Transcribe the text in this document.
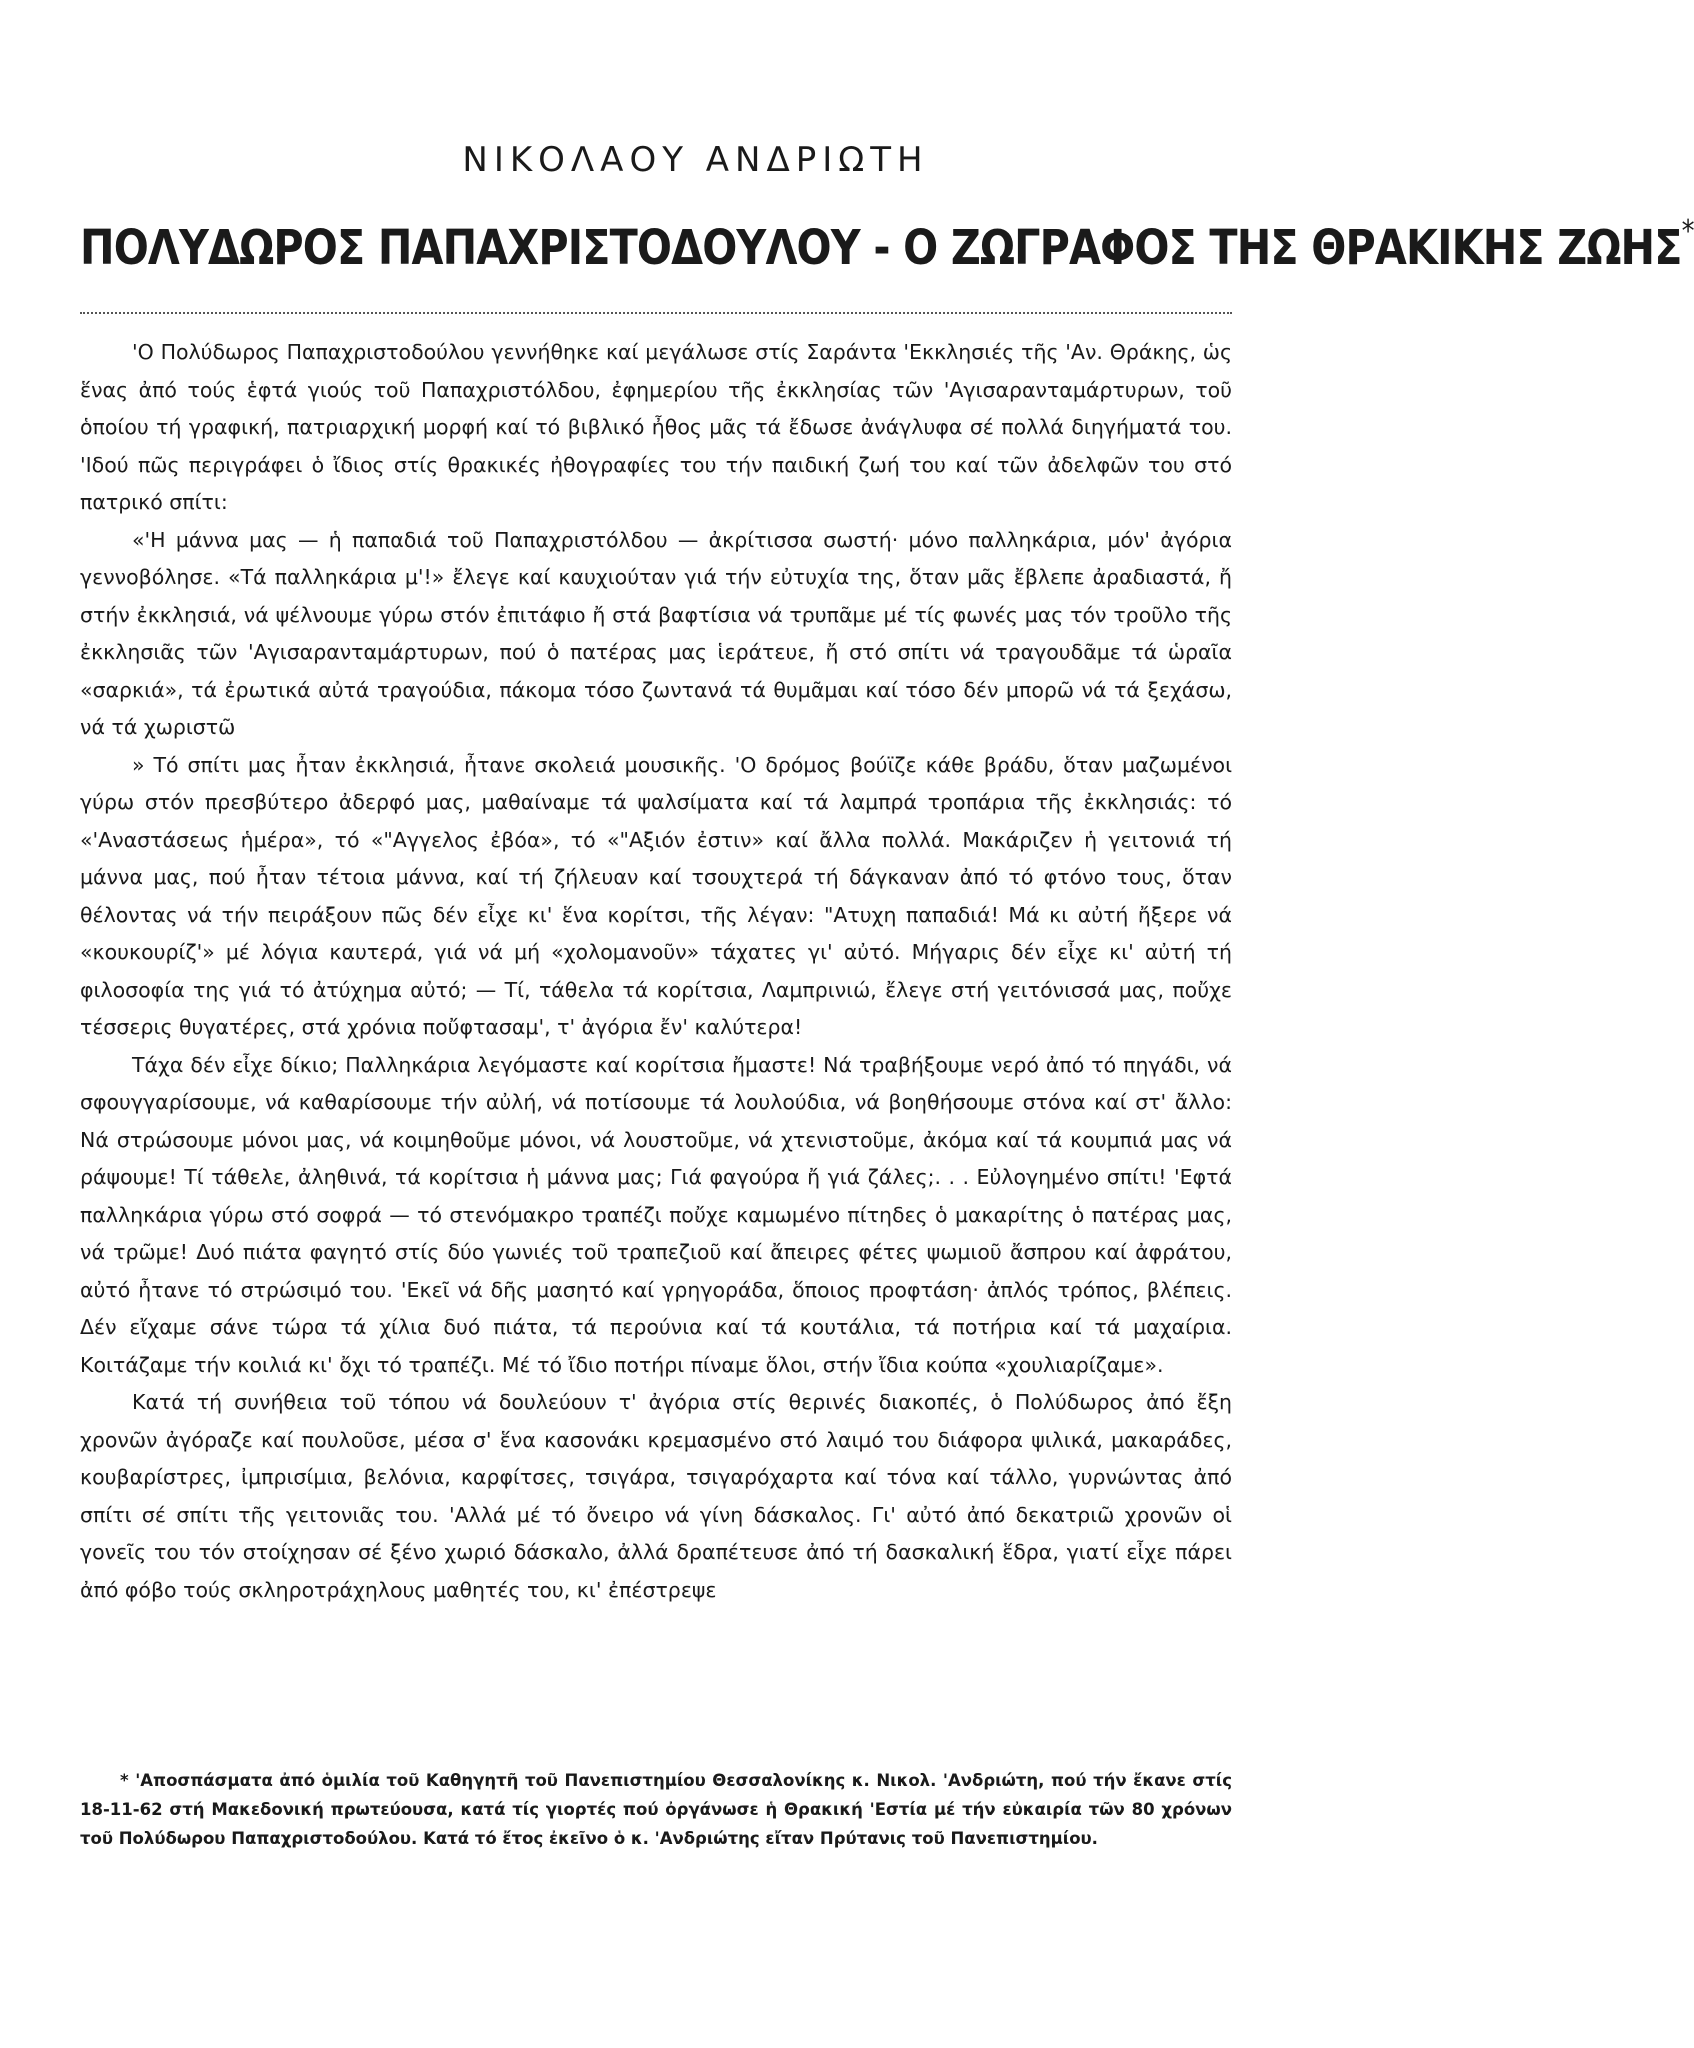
ΝΙΚΟΛΑΟΥ ΑΝΔΡΙΩΤΗ
ΠΟΛΥΔΩΡΟΣ ΠΑΠΑΧΡΙΣΤΟΔΟΥΛΟΥ - Ο ΖΩΓΡΑΦΟΣ ΤΗΣ ΘΡΑΚΙΚΗΣ ΖΩΗΣ*

'Ο Πολύδωρος Παπαχριστοδούλου γεννήθηκε καί μεγάλωσε στίς Σαράντα 'Εκκλησιές τῆς 'Αν. Θράκης, ὡς ἕνας ἀπό τούς ἑφτά γιούς τοῦ Παπαχριστόλδου, ἐφημερίου τῆς ἐκκλησίας τῶν 'Αγισαρανταμάρτυρων, τοῦ ὁποίου τή γραφική, πατριαρχική μορφή καί τό βιβλικό ἦθος μᾶς τά ἔδωσε ἀνάγλυφα σέ πολλά διηγήματά του. 'Ιδού πῶς περιγράφει ὁ ἴδιος στίς θρακικές ἠθογραφίες του τήν παιδική ζωή του καί τῶν ἀδελφῶν του στό πατρικό σπίτι:

«'Η μάννα μας — ἡ παπαδιά τοῦ Παπαχριστόλδου — ἀκρίτισσα σωστή· μόνο παλληκάρια, μόν' ἀγόρια γεννοβόλησε. «Τά παλληκάρια μ'!» ἔλεγε καί καυχιούταν γιά τήν εὐτυχία της, ὅταν μᾶς ἔβλεπε ἀραδιαστά, ἤ στήν ἐκκλησιά, νά ψέλνουμε γύρω στόν ἐπιτάφιο ἤ στά βαφτίσια νά τρυπᾶμε μέ τίς φωνές μας τόν τροῦλο τῆς ἐκκλησιᾶς τῶν 'Αγισαρανταμάρτυρων, πού ὁ πατέρας μας ἱεράτευε, ἤ στό σπίτι νά τραγουδᾶμε τά ὡραῖα «σαρκιά», τά ἐρωτικά αὐτά τραγούδια, πάκομα τόσο ζωντανά τά θυμᾶμαι καί τόσο δέν μπορῶ νά τά ξεχάσω, νά τά χωριστῶ

» Τό σπίτι μας ἦταν ἐκκλησιά, ἦτανε σκολειά μουσικῆς. 'Ο δρόμος βούϊζε κάθε βράδυ, ὅταν μαζωμένοι γύρω στόν πρεσβύτερο ἀδερφό μας, μαθαίναμε τά ψαλσίματα καί τά λαμπρά τροπάρια τῆς ἐκκλησιάς: τό «'Αναστάσεως ἡμέρα», τό «"Αγγελος ἐβόα», τό «"Αξιόν ἐστιν» καί ἄλλα πολλά. Μακάριζεν ἡ γειτονιά τή μάννα μας, πού ἦταν τέτοια μάννα, καί τή ζήλευαν καί τσουχτερά τή δάγκαναν ἀπό τό φτόνο τους, ὅταν θέλοντας νά τήν πειράξουν πῶς δέν εἶχε κι' ἕνα κορίτσι, τῆς λέγαν: "Ατυχη παπαδιά! Μά κι αὐτή ἤξερε νά «κουκουρίζ'» μέ λόγια καυτερά, γιά νά μή «χολομανοῦν» τάχατες γι' αὐτό. Μήγαρις δέν εἶχε κι' αὐτή τή φιλοσοφία της γιά τό ἀτύχημα αὐτό; — Τί, τάθελα τά κορίτσια, Λαμπρινιώ, ἔλεγε στή γειτόνισσά μας, ποὔχε τέσσερις θυγατέρες, στά χρόνια ποὔφτασαμ', τ' ἀγόρια ἔν' καλύτερα!

Τάχα δέν εἶχε δίκιο; Παλληκάρια λεγόμαστε καί κορίτσια ἤμαστε! Νά τραβήξουμε νερό ἀπό τό πηγάδι, νά σφουγγαρίσουμε, νά καθαρίσουμε τήν αὐλή, νά ποτίσουμε τά λουλούδια, νά βοηθήσουμε στόνα καί στ' ἄλλο: Νά στρώσουμε μόνοι μας, νά κοιμηθοῦμε μόνοι, νά λουστοῦμε, νά χτενιστοῦμε, ἀκόμα καί τά κουμπιά μας νά ράψουμε! Τί τάθελε, ἀληθινά, τά κορίτσια ἡ μάννα μας; Γιά φαγούρα ἤ γιά ζάλες;. . . Εὐλογημένο σπίτι! 'Εφτά παλληκάρια γύρω στό σοφρά — τό στενόμακρο τραπέζι ποὔχε καμωμένο πίτηδες ὁ μακαρίτης ὁ πατέρας μας, νά τρῶμε! Δυό πιάτα φαγητό στίς δύο γωνιές τοῦ τραπεζιοῦ καί ἄπειρες φέτες ψωμιοῦ ἄσπρου καί ἀφράτου, αὐτό ἦτανε τό στρώσιμό του. 'Εκεῖ νά δῆς μασητό καί γρηγοράδα, ὅποιος προφτάση· ἀπλός τρόπος, βλέπεις. Δέν εἴχαμε σάνε τώρα τά χίλια δυό πιάτα, τά περούνια καί τά κουτάλια, τά ποτήρια καί τά μαχαίρια. Κοιτάζαμε τήν κοιλιά κι' ὄχι τό τραπέζι. Μέ τό ἴδιο ποτήρι πίναμε ὅλοι, στήν ἴδια κούπα «χουλιαρίζαμε».

Κατά τή συνήθεια τοῦ τόπου νά δουλεύουν τ' ἀγόρια στίς θερινές διακοπές, ὁ Πολύδωρος ἀπό ἔξη χρονῶν ἀγόραζε καί πουλοῦσε, μέσα σ' ἕνα κασονάκι κρεμασμένο στό λαιμό του διάφορα ψιλικά, μακαράδες, κουβαρίστρες, ἰμπρισίμια, βελόνια, καρφίτσες, τσιγάρα, τσιγαρόχαρτα καί τόνα καί τάλλο, γυρνώντας ἀπό σπίτι σέ σπίτι τῆς γειτονιᾶς του. 'Αλλά μέ τό ὄνειρο νά γίνη δάσκαλος. Γι' αὐτό ἀπό δεκατριῶ χρονῶν οἱ γονεῖς του τόν στοίχησαν σέ ξένο χωριό δάσκαλο, ἀλλά δραπέτευσε ἀπό τή δασκαλική ἕδρα, γιατί εἶχε πάρει ἀπό φόβο τούς σκληροτράχηλους μαθητές του, κι' ἐπέστρεψε

* 'Αποσπάσματα ἀπό ὁμιλία τοῦ Καθηγητῆ τοῦ Πανεπιστημίου Θεσσαλονίκης κ. Νικολ. 'Ανδριώτη, πού τήν ἔκανε στίς 18-11-62 στή Μακεδονική πρωτεύουσα, κατά τίς γιορτές πού ὀργάνωσε ἡ Θρακική 'Εστία μέ τήν εὐκαιρία τῶν 80 χρόνων τοῦ Πολύδωρου Παπαχριστοδούλου. Κατά τό ἔτος ἐκεῖνο ὁ κ. 'Ανδριώτης εἴταν Πρύτανις τοῦ Πανεπιστημίου.
